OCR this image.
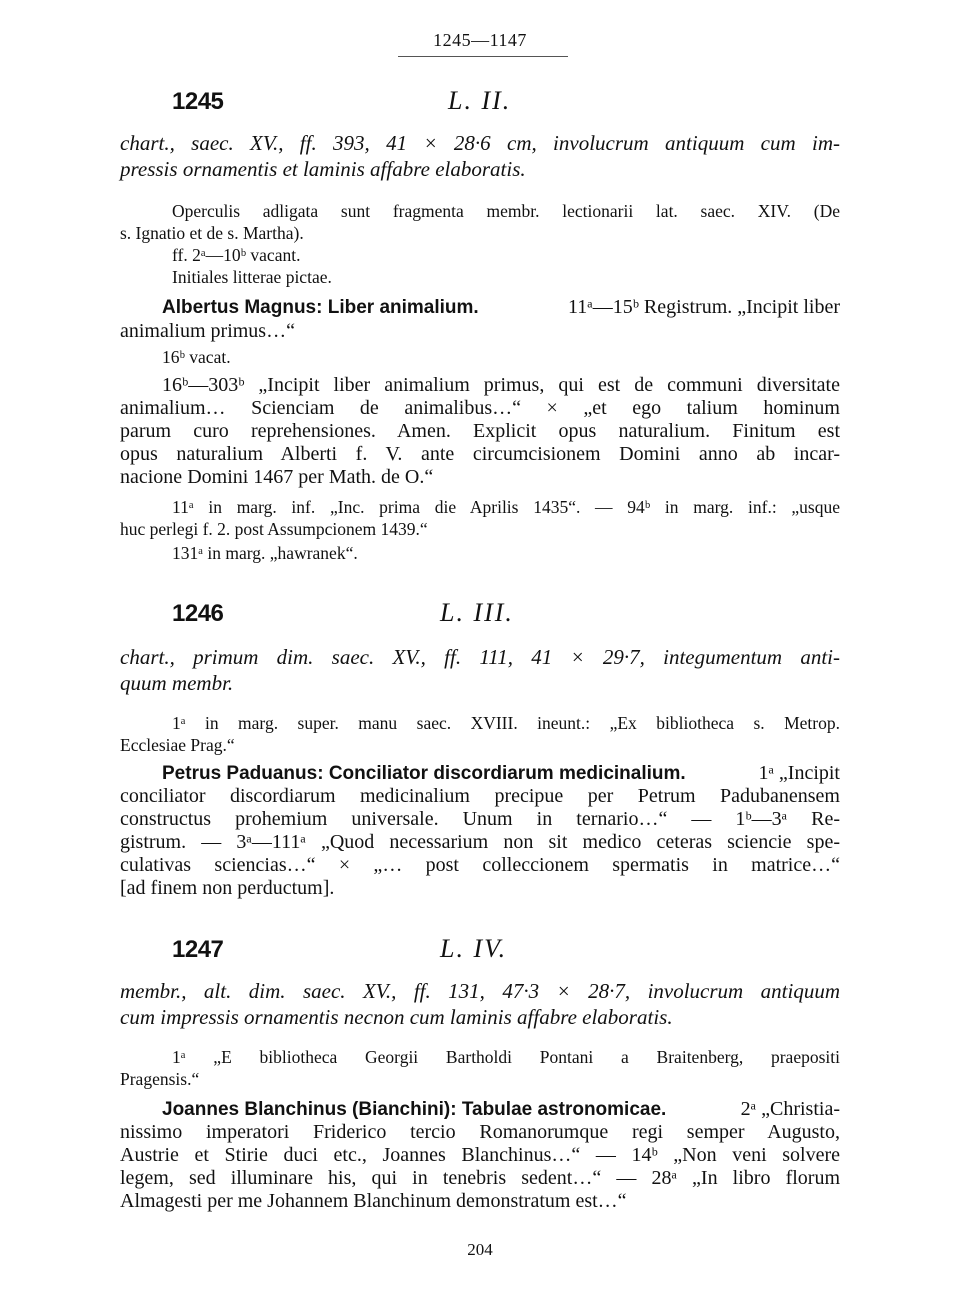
1245—1147
1245	L. II.
chart., saec. XV., ff. 393, 41 × 28·6 cm, involucrum antiquum cum im-
pressis ornamentis et laminis affabre elaboratis.
Operculis adligata sunt fragmenta membr. lectionarii lat. saec. XIV. (De
s. Ignatio et de s. Martha).
ff. 2ᵃ—10ᵇ vacant.
Initiales litterae pictae.
Albertus Magnus: Liber animalium.	11ᵃ—15ᵇ Registrum. „Incipit liber
animalium primus…“
16ᵇ vacat.
16ᵇ—303ᵇ „Incipit liber animalium primus, qui est de communi diversitate
animalium… Scienciam de animalibus…“ × „et ego talium hominum
parum curo reprehensiones. Amen. Explicit opus naturalium. Finitum est
opus naturalium Alberti f. V. ante circumcisionem Domini anno ab incar-
nacione Domini 1467 per Math. de O.“
11ᵃ in marg. inf. „Inc. prima die Aprilis 1435“. — 94ᵇ in marg. inf.: „usque
huc perlegi f. 2. post Assumpcionem 1439.“
131ᵃ in marg. „hawranek“.
1246	L. III.
chart., primum dim. saec. XV., ff. 111, 41 × 29·7, integumentum anti-
quum membr.
1ᵃ in marg. super. manu saec. XVIII. ineunt.: „Ex bibliotheca s. Metrop.
Ecclesiae Prag.“
Petrus Paduanus: Conciliator discordiarum medicinalium.	1ᵃ „Incipit
conciliator discordiarum medicinalium precipue per Petrum Padubanensem
constructus prohemium universale. Unum in ternario…“ — 1ᵇ—3ᵃ Re-
gistrum. — 3ᵃ—111ᵃ „Quod necessarium non sit medico ceteras sciencie spe-
culativas sciencias…“ × „… post colleccionem spermatis in matrice…“
[ad finem non perductum].
1247	L. IV.
membr., alt. dim. saec. XV., ff. 131, 47·3 × 28·7, involucrum antiquum
cum impressis ornamentis necnon cum laminis affabre elaboratis.
1ᵃ „E bibliotheca Georgii Bartholdi Pontani a Braitenberg, praepositi
Pragensis.“
Joannes Blanchinus (Bianchini): Tabulae astronomicae.	2ᵃ „Christia-
nissimo imperatori Friderico tercio Romanorumque regi semper Augusto,
Austrie et Stirie duci etc., Joannes Blanchinus…“ — 14ᵇ „Non veni solvere
legem, sed illuminare his, qui in tenebris sedent…“ — 28ᵃ „In libro florum
Almagesti per me Johannem Blanchinum demonstratum est…“
204
